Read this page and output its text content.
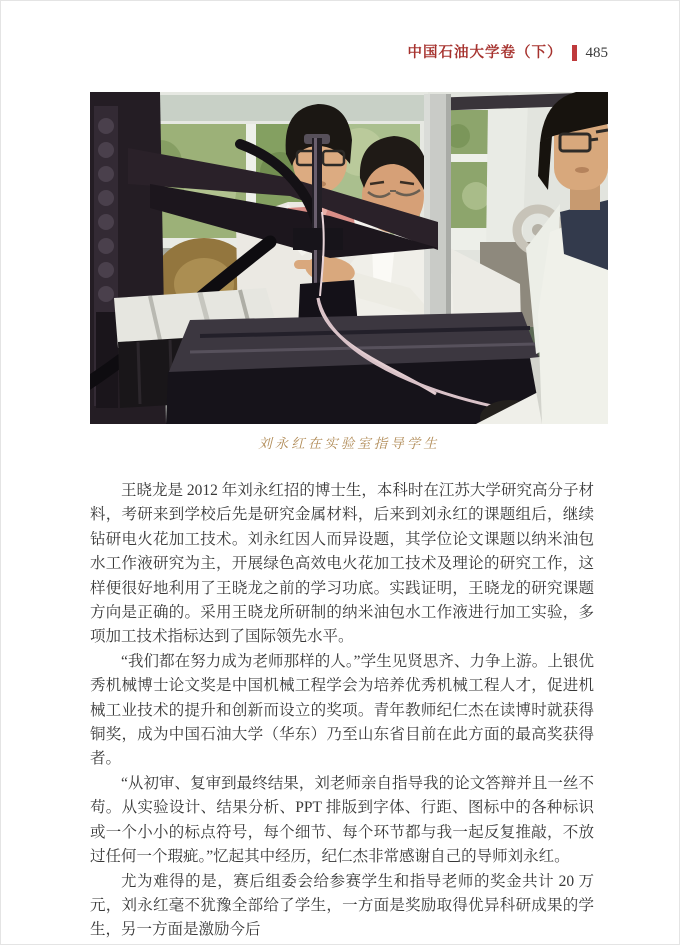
中国石油大学卷（下） 485
刘永红在实验室指导学生

王晓龙是 2012 年刘永红招的博士生，本科时在江苏大学研究高分子材料，考研来到学校后先是研究金属材料，后来到刘永红的课题组后，继续钻研电火花加工技术。刘永红因人而异设题，其学位论文课题以纳米油包水工作液研究为主，开展绿色高效电火花加工技术及理论的研究工作，这样便很好地利用了王晓龙之前的学习功底。实践证明，王晓龙的研究课题方向是正确的。采用王晓龙所研制的纳米油包水工作液进行加工实验，多项加工技术指标达到了国际领先水平。

“我们都在努力成为老师那样的人。”学生见贤思齐、力争上游。上银优秀机械博士论文奖是中国机械工程学会为培养优秀机械工程人才，促进机械工业技术的提升和创新而设立的奖项。青年教师纪仁杰在读博时就获得铜奖，成为中国石油大学（华东）乃至山东省目前在此方面的最高奖获得者。

“从初审、复审到最终结果，刘老师亲自指导我的论文答辩并且一丝不苟。从实验设计、结果分析、PPT 排版到字体、行距、图标中的各种标识或一个小小的标点符号，每个细节、每个环节都与我一起反复推敲，不放过任何一个瑕疵。”忆起其中经历，纪仁杰非常感谢自己的导师刘永红。

尤为难得的是，赛后组委会给参赛学生和指导老师的奖金共计 20 万元，刘永红毫不犹豫全部给了学生，一方面是奖励取得优异科研成果的学生，另一方面是激励今后
